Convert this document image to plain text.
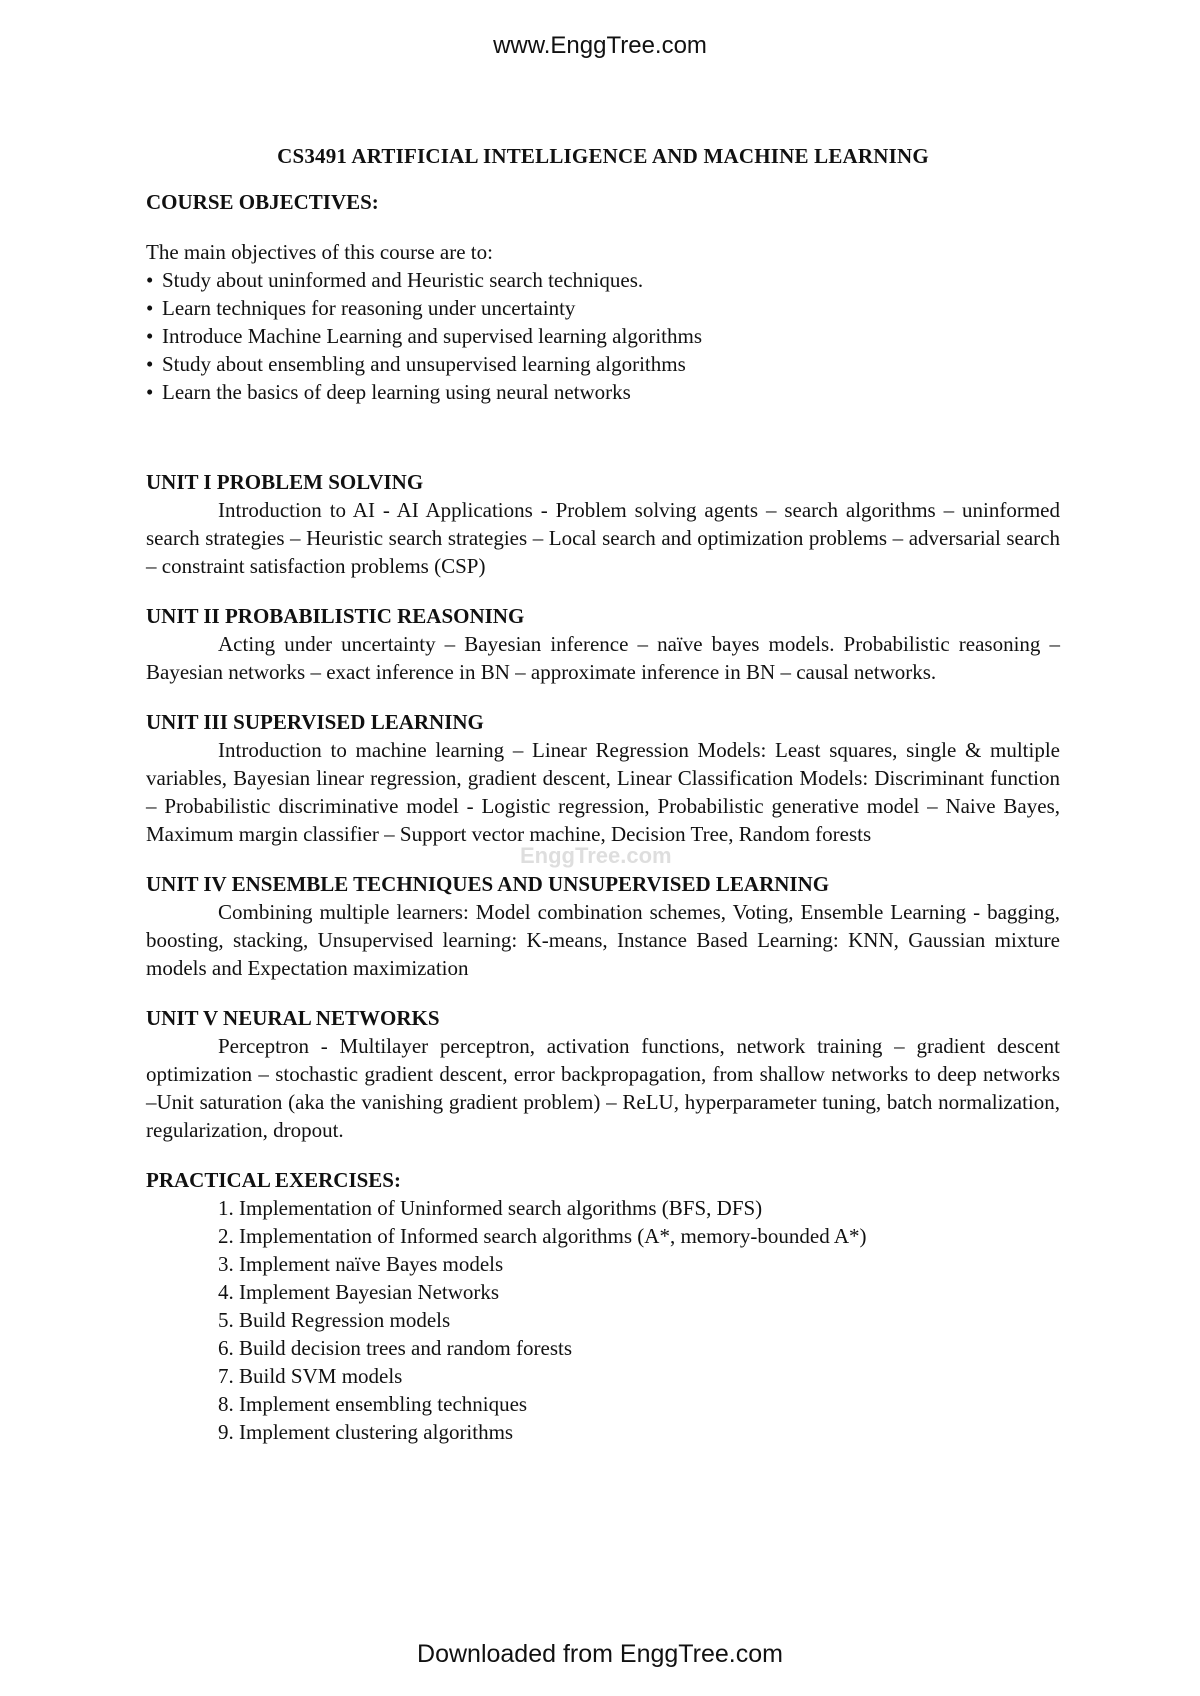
www.EnggTree.com
EnggTree.com
CS3491 ARTIFICIAL INTELLIGENCE AND MACHINE LEARNING
COURSE OBJECTIVES:
The main objectives of this course are to:
• Study about uninformed and Heuristic search techniques.
• Learn techniques for reasoning under uncertainty
• Introduce Machine Learning and supervised learning algorithms
• Study about ensembling and unsupervised learning algorithms
• Learn the basics of deep learning using neural networks
UNIT I PROBLEM SOLVING

Introduction to AI - AI Applications - Problem solving agents – search algorithms – uninformed search strategies – Heuristic search strategies – Local search and optimization problems – adversarial search – constraint satisfaction problems (CSP)

UNIT II PROBABILISTIC REASONING

Acting under uncertainty – Bayesian inference – naïve bayes models. Probabilistic reasoning – Bayesian networks – exact inference in BN – approximate inference in BN – causal networks.

UNIT III SUPERVISED LEARNING

Introduction to machine learning – Linear Regression Models: Least squares, single & multiple variables, Bayesian linear regression, gradient descent, Linear Classification Models: Discriminant function – Probabilistic discriminative model - Logistic regression, Probabilistic generative model – Naive Bayes, Maximum margin classifier – Support vector machine, Decision Tree, Random forests

UNIT IV ENSEMBLE TECHNIQUES AND UNSUPERVISED LEARNING

Combining multiple learners: Model combination schemes, Voting, Ensemble Learning - bagging, boosting, stacking, Unsupervised learning: K-means, Instance Based Learning: KNN, Gaussian mixture models and Expectation maximization

UNIT V NEURAL NETWORKS

Perceptron - Multilayer perceptron, activation functions, network training – gradient descent optimization – stochastic gradient descent, error backpropagation, from shallow networks to deep networks –Unit saturation (aka the vanishing gradient problem) – ReLU, hyperparameter tuning, batch normalization, regularization, dropout.

PRACTICAL EXERCISES:
1. Implementation of Uninformed search algorithms (BFS, DFS)
2. Implementation of Informed search algorithms (A*, memory-bounded A*)
3. Implement naïve Bayes models
4. Implement Bayesian Networks
5. Build Regression models
6. Build decision trees and random forests
7. Build SVM models
8. Implement ensembling techniques
9. Implement clustering algorithms
Downloaded from EnggTree.com
